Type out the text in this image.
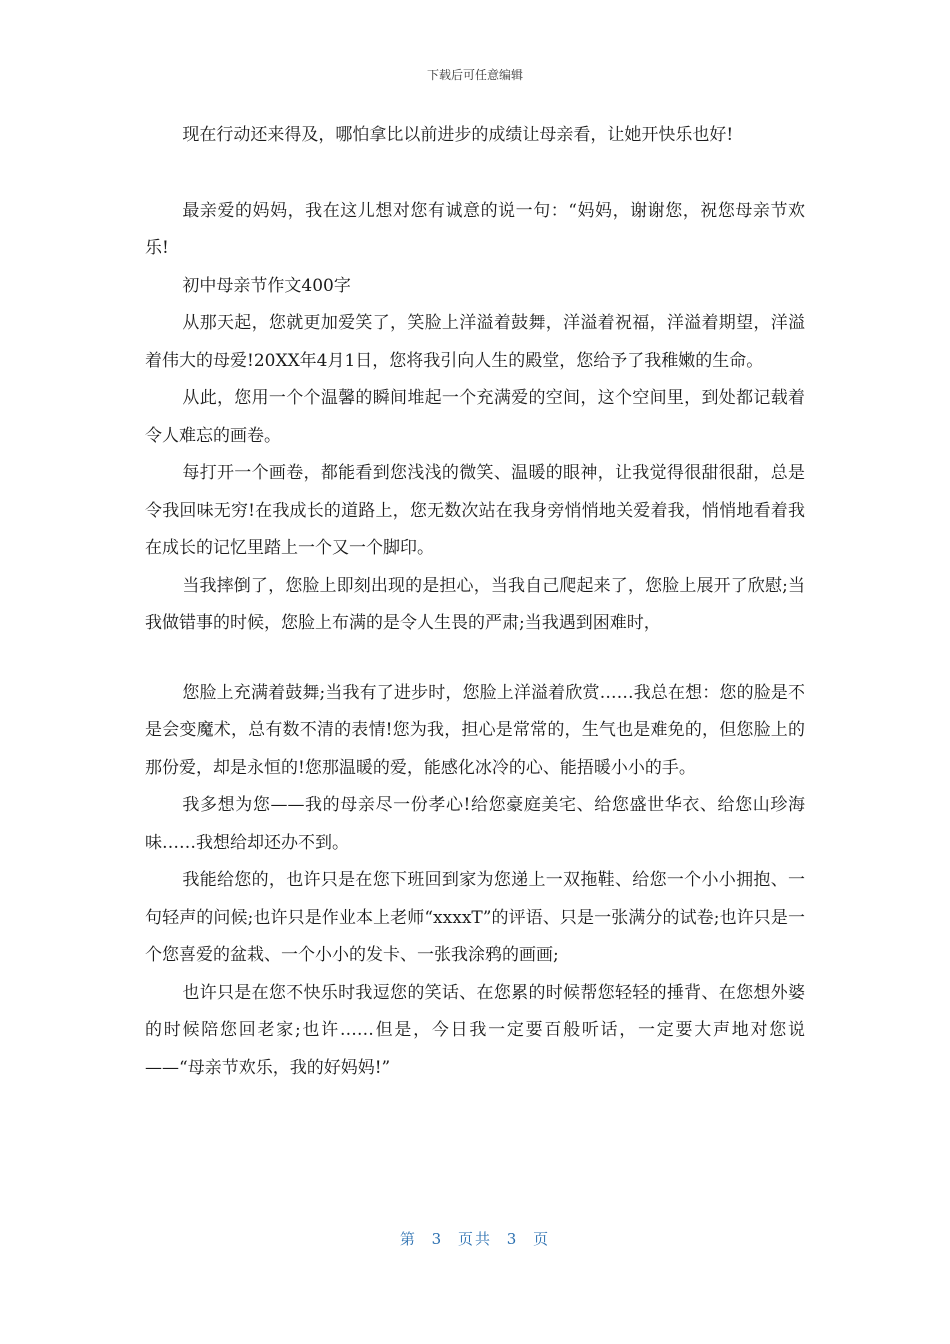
下载后可任意编辑

现在行动还来得及，哪怕拿比以前进步的成绩让母亲看，让她开快乐也好!

最亲爱的妈妈，我在这儿想对您有诚意的说一句：“妈妈，谢谢您，祝您母亲节欢乐!

初中母亲节作文400字

从那天起，您就更加爱笑了，笑脸上洋溢着鼓舞，洋溢着祝福，洋溢着期望，洋溢着伟大的母爱!20XX年4月1日，您将我引向人生的殿堂，您给予了我稚嫩的生命。

从此，您用一个个温馨的瞬间堆起一个充满爱的空间，这个空间里，到处都记载着令人难忘的画卷。

每打开一个画卷，都能看到您浅浅的微笑、温暖的眼神，让我觉得很甜很甜，总是令我回味无穷!在我成长的道路上，您无数次站在我身旁悄悄地关爱着我，悄悄地看着我在成长的记忆里踏上一个又一个脚印。

当我摔倒了，您脸上即刻出现的是担心，当我自己爬起来了，您脸上展开了欣慰;当我做错事的时候，您脸上布满的是令人生畏的严肃;当我遇到困难时，

您脸上充满着鼓舞;当我有了进步时，您脸上洋溢着欣赏……我总在想：您的脸是不是会变魔术，总有数不清的表情!您为我，担心是常常的，生气也是难免的，但您脸上的那份爱，却是永恒的!您那温暖的爱，能感化冰冷的心、能捂暖小小的手。

我多想为您——我的母亲尽一份孝心!给您豪庭美宅、给您盛世华衣、给您山珍海味……我想给却还办不到。

我能给您的，也许只是在您下班回到家为您递上一双拖鞋、给您一个小小拥抱、一句轻声的问候;也许只是作业本上老师“xxxxT”的评语、只是一张满分的试卷;也许只是一个您喜爱的盆栽、一个小小的发卡、一张我涂鸦的画画;

也许只是在您不快乐时我逗您的笑话、在您累的时候帮您轻轻的捶背、在您想外婆的时候陪您回老家;也许……但是，今日我一定要百般听话，一定要大声地对您说——“母亲节欢乐，我的好妈妈!”

第 3 页共 3 页
